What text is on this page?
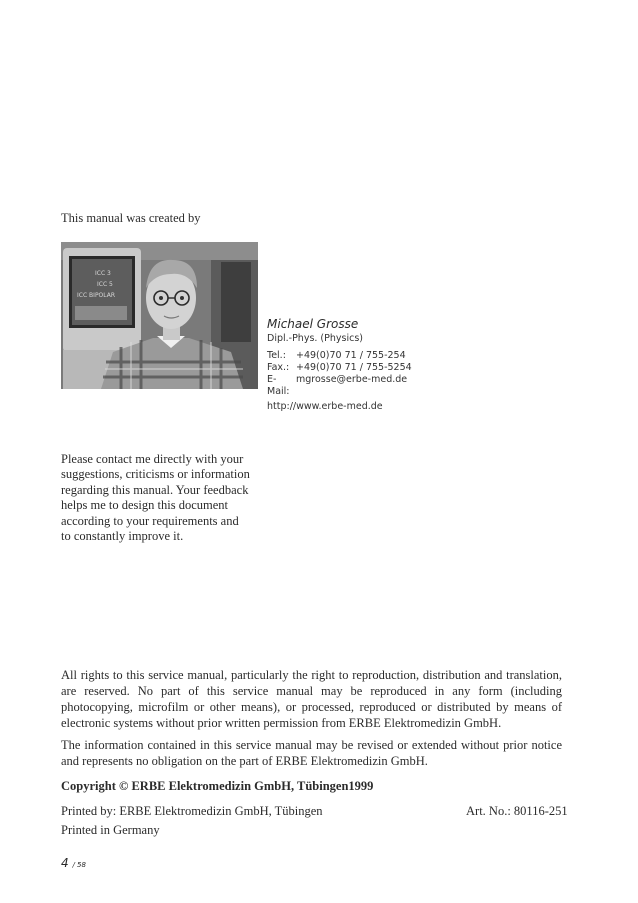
This manual was created by
ICC 3
ICC 5
ICC BIPOLAR
Michael Grosse
Dipl.-Phys. (Physics)
Tel.:	+49(0)70 71 / 755-254
Fax.: +49(0)70 71 / 755-5254
E-Mail:
mgrosse@erbe-med.de
http://www.erbe-med.de
Please contact me directly with your suggestions, criticisms or information regarding this manual. Your feedback helps me to design this document according to your requirements and to constantly improve it.

All rights to this service manual, particularly the right to reproduction, distribution and translation, are reserved. No part of this service manual may be reproduced in any form (including photocopying, microfilm or other means), or processed, reproduced or distributed by means of electronic systems without prior written permission from ERBE Elektromedizin GmbH.

The information contained in this service manual may be revised or extended without prior notice and represents no obligation on the part of ERBE Elektromedizin GmbH.

Copyright © ERBE Elektromedizin GmbH, Tübingen1999
Printed by: ERBE Elektromedizin GmbH, Tübingen	Art. No.: 80116-251
Printed in Germany
4 / 58
